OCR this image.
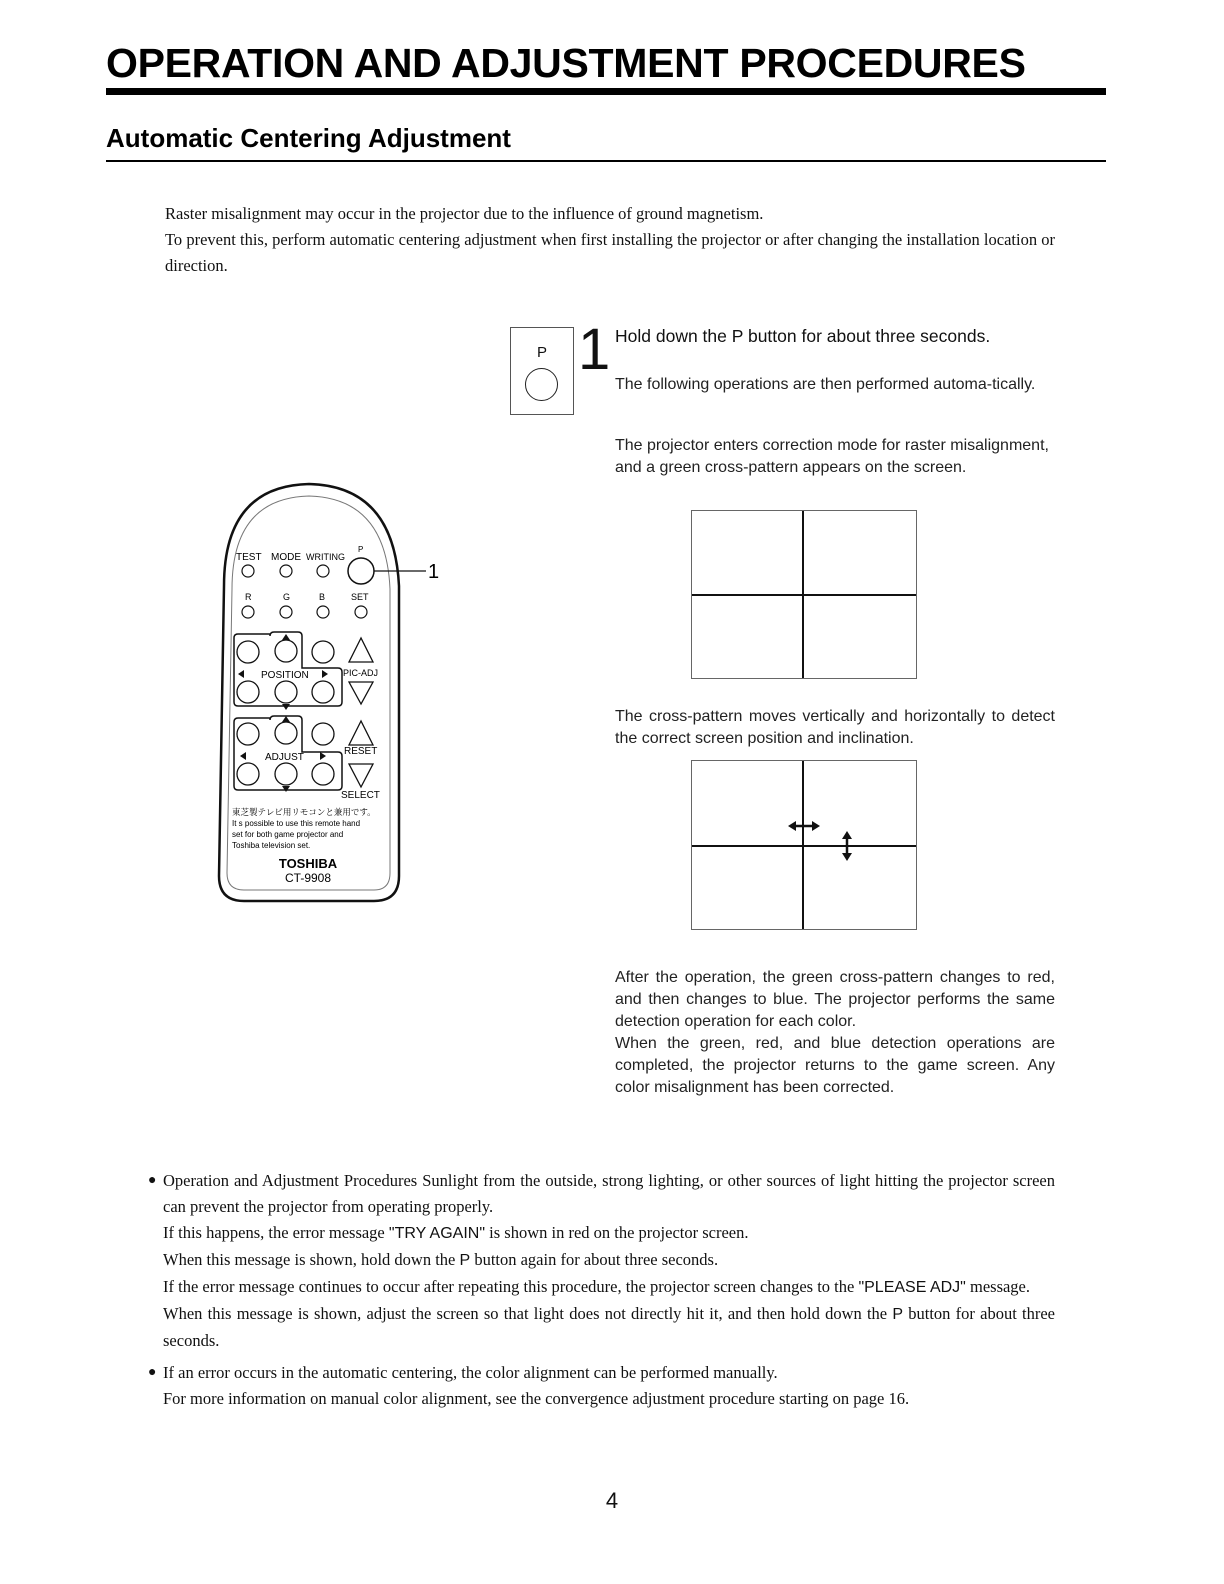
OPERATION AND ADJUSTMENT PROCEDURES
Automatic Centering Adjustment

Raster misalignment may occur in the projector due to the influence of ground magnetism.

To prevent this, perform automatic centering adjustment when first installing the projector or after changing the installation location or direction.

P 1 Hold down the P button for about three seconds.

The following operations are then performed automa-tically.

The projector enters correction mode for raster misalignment, and a green cross-pattern appears on the screen.

The cross-pattern moves vertically and horizontally to detect the correct screen position and inclination.

After the operation, the green cross-pattern changes to red, and then changes to blue. The projector performs the same detection operation for each color.

When the green, red, and blue detection operations are completed, the projector returns to the game screen. Any color misalignment has been corrected.

TEST MODE WRITING
P
1
R	G	B	SET
POSITION	PIC-ADJ
ADJUST
RESET
SELECT
東芝製テレビ用リモコンと兼用です。
It s possible to use this remote hand
set for both game projector and
Toshiba television set.
TOSHIBA
CT-9908
● Operation and Adjustment Procedures Sunlight from the outside, strong lighting, or other sources of light hitting the projector screen can prevent the projector from operating properly.

If this happens, the error message "TRY AGAIN" is shown in red on the projector screen.

When this message is shown, hold down the P button again for about three seconds.

If the error message continues to occur after repeating this procedure, the projector screen changes to the "PLEASE ADJ" message.

When this message is shown, adjust the screen so that light does not directly hit it, and then hold down the P button for about three seconds.

● If an error occurs in the automatic centering, the color alignment can be performed manually.

For more information on manual color alignment, see the convergence adjustment procedure starting on page 16.

4
